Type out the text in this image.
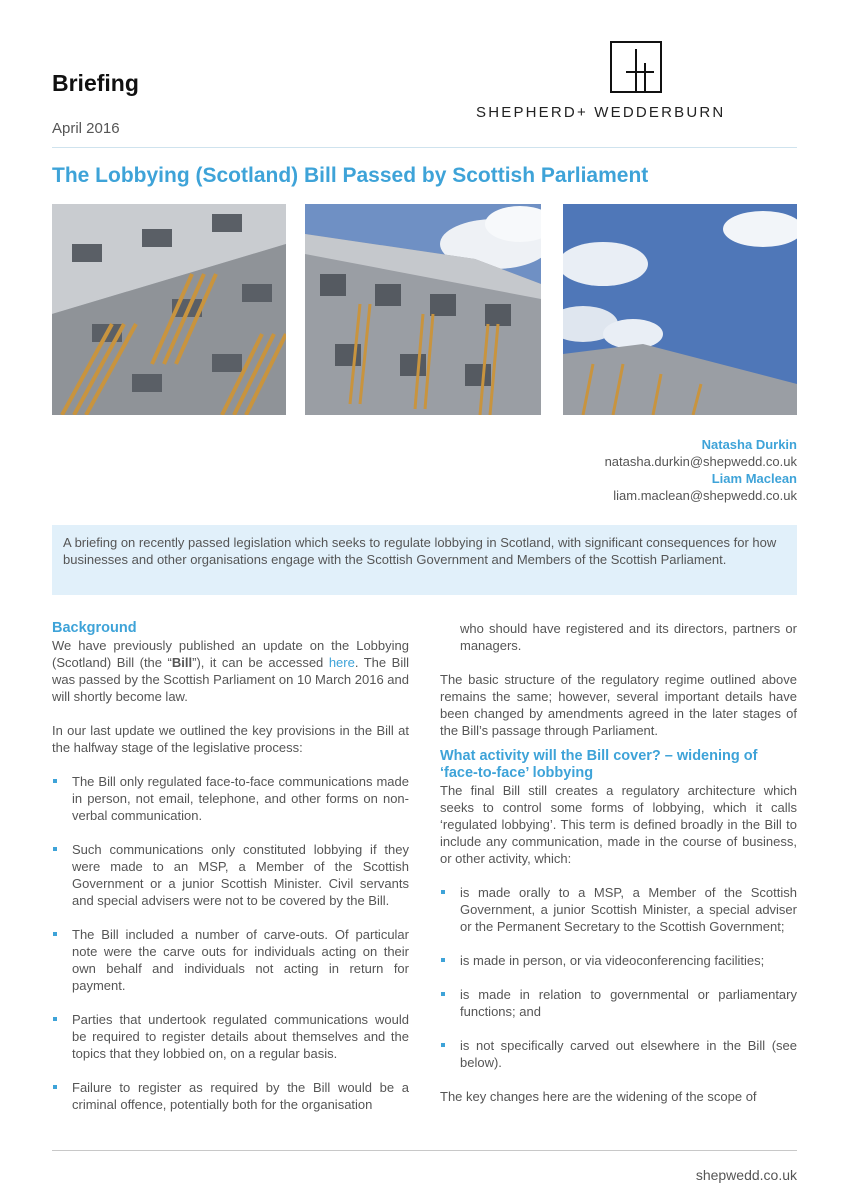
Briefing
April 2016
SHEPHERD+ WEDDERBURN
The Lobbying (Scotland) Bill Passed by Scottish Parliament
Natasha Durkin
natasha.durkin@shepwedd.co.uk
Liam Maclean
liam.maclean@shepwedd.co.uk
A briefing on recently passed legislation which seeks to regulate lobbying in Scotland, with significant consequences for how businesses and other organisations engage with the Scottish Government and Members of the Scottish Parliament.
Background

We have previously published an update on the Lobbying (Scotland) Bill (the “Bill”), it can be accessed here. The Bill was passed by the Scottish Parliament on 10 March 2016 and will shortly become law.

In our last update we outlined the key provisions in the Bill at the halfway stage of the legislative process:

The Bill only regulated face-to-face communications made in person, not email, telephone, and other forms on non-verbal communication.
Such communications only constituted lobbying if they were made to an MSP, a Member of the Scottish Government or a junior Scottish Minister. Civil servants and special advisers were not to be covered by the Bill.
The Bill included a number of carve-outs. Of particular note were the carve outs for individuals acting on their own behalf and individuals not acting in return for payment.
Parties that undertook regulated communications would be required to register details about themselves and the topics that they lobbied on, on a regular basis.
Failure to register as required by the Bill would be a criminal offence, potentially both for the organisation

who should have registered and its directors, partners or managers.

The basic structure of the regulatory regime outlined above remains the same; however, several important details have been changed by amendments agreed in the later stages of the Bill’s passage through Parliament.

What activity will the Bill cover? – widening of ‘face-to-face’ lobbying

The final Bill still creates a regulatory architecture which seeks to control some forms of lobbying, which it calls ‘regulated lobbying’. This term is defined broadly in the Bill to include any communication, made in the course of business, or other activity, which:

is made orally to a MSP, a Member of the Scottish Government, a junior Scottish Minister, a special adviser or the Permanent Secretary to the Scottish Government;
is made in person, or via videoconferencing facilities;
is made in relation to governmental or parliamentary functions; and
is not specifically carved out elsewhere in the Bill (see below).

The key changes here are the widening of the scope of

shepwedd.co.uk
